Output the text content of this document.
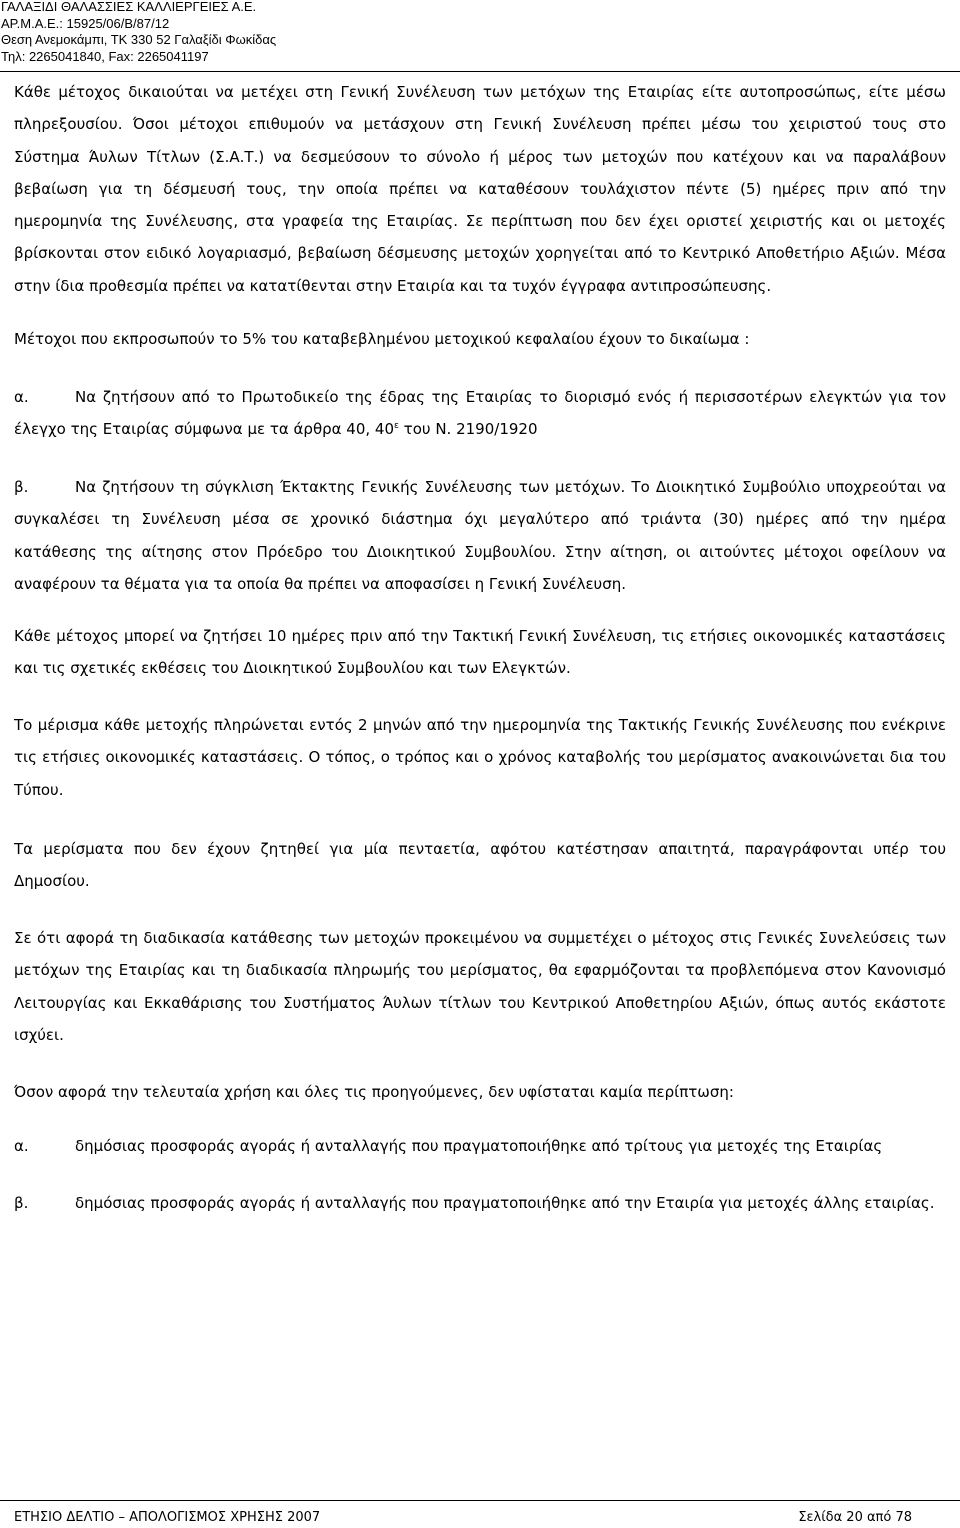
ΓΑΛΑΞΙΔΙ ΘΑΛΑΣΣΙΕΣ ΚΑΛΛΙΕΡΓΕΙΕΣ Α.Ε.
ΑΡ.Μ.Α.Ε.: 15925/06/Β/87/12
Θεση Ανεμοκάμπι, ΤΚ 330 52 Γαλαξίδι Φωκίδας
Τηλ: 2265041840, Fax: 2265041197
Κάθε μέτοχος δικαιούται να μετέχει στη Γενική Συνέλευση των μετόχων της Εταιρίας είτε αυτοπροσώπως, είτε μέσω
πληρεξουσίου. Όσοι μέτοχοι επιθυμούν να μετάσχουν στη Γενική Συνέλευση πρέπει μέσω του χειριστού τους στο
Σύστημα Άυλων Τίτλων (Σ.Α.Τ.) να δεσμεύσουν το σύνολο ή μέρος των μετοχών που κατέχουν και να παραλάβουν
βεβαίωση για τη δέσμευσή τους, την οποία πρέπει να καταθέσουν τουλάχιστον πέντε (5) ημέρες πριν από την
ημερομηνία της Συνέλευσης, στα γραφεία της Εταιρίας. Σε περίπτωση που δεν έχει οριστεί χειριστής και οι μετοχές
βρίσκονται στον ειδικό λογαριασμό, βεβαίωση δέσμευσης μετοχών χορηγείται από το Κεντρικό Αποθετήριο Αξιών. Μέσα
στην ίδια προθεσμία πρέπει να κατατίθενται στην Εταιρία και τα τυχόν έγγραφα αντιπροσώπευσης.
Μέτοχοι που εκπροσωπούν το 5% του καταβεβλημένου μετοχικού κεφαλαίου έχουν το δικαίωμα :
α.	Να ζητήσουν από το Πρωτοδικείο της έδρας της Εταιρίας το διορισμό ενός ή περισσοτέρων ελεγκτών για τον
έλεγχο της Εταιρίας σύμφωνα με τα άρθρα 40, $40^\varepsilon$ του Ν. 2190/1920
β.	Να ζητήσουν τη σύγκλιση Έκτακτης Γενικής Συνέλευσης των μετόχων. Το Διοικητικό Συμβούλιο υποχρεούται να
συγκαλέσει τη Συνέλευση μέσα σε χρονικό διάστημα όχι μεγαλύτερο από τριάντα (30) ημέρες από την ημέρα
κατάθεσης της αίτησης στον Πρόεδρο του Διοικητικού Συμβουλίου. Στην αίτηση, οι αιτούντες μέτοχοι οφείλουν να
αναφέρουν τα θέματα για τα οποία θα πρέπει να αποφασίσει η Γενική Συνέλευση.
Κάθε μέτοχος μπορεί να ζητήσει 10 ημέρες πριν από την Τακτική Γενική Συνέλευση, τις ετήσιες οικονομικές καταστάσεις
και τις σχετικές εκθέσεις του Διοικητικού Συμβουλίου και των Ελεγκτών.
Το μέρισμα κάθε μετοχής πληρώνεται εντός 2 μηνών από την ημερομηνία της Τακτικής Γενικής Συνέλευσης που ενέκρινε
τις ετήσιες οικονομικές καταστάσεις. Ο τόπος, ο τρόπος και ο χρόνος καταβολής του μερίσματος ανακοινώνεται δια του
Τύπου.
Τα μερίσματα που δεν έχουν ζητηθεί για μία πενταετία, αφότου κατέστησαν απαιτητά, παραγράφονται υπέρ του
Δημοσίου.
Σε ότι αφορά τη διαδικασία κατάθεσης των μετοχών προκειμένου να συμμετέχει ο μέτοχος στις Γενικές Συνελεύσεις των
μετόχων της Εταιρίας και τη διαδικασία πληρωμής του μερίσματος, θα εφαρμόζονται τα προβλεπόμενα στον Κανονισμό
Λειτουργίας και Εκκαθάρισης του Συστήματος Άυλων τίτλων του Κεντρικού Αποθετηρίου Αξιών, όπως αυτός εκάστοτε
ισχύει.
Όσον αφορά την τελευταία χρήση και όλες τις προηγούμενες, δεν υφίσταται καμία περίπτωση:
α.	δημόσιας προσφοράς αγοράς ή ανταλλαγής που πραγματοποιήθηκε από τρίτους για μετοχές της Εταιρίας
β.	δημόσιας προσφοράς αγοράς ή ανταλλαγής που πραγματοποιήθηκε από την Εταιρία για μετοχές άλλης εταιρίας.
ΕΤΗΣΙΟ ΔΕΛΤΙΟ – ΑΠΟΛΟΓΙΣΜΟΣ ΧΡΗΣΗΣ 2007	Σελίδα 20 από 78
